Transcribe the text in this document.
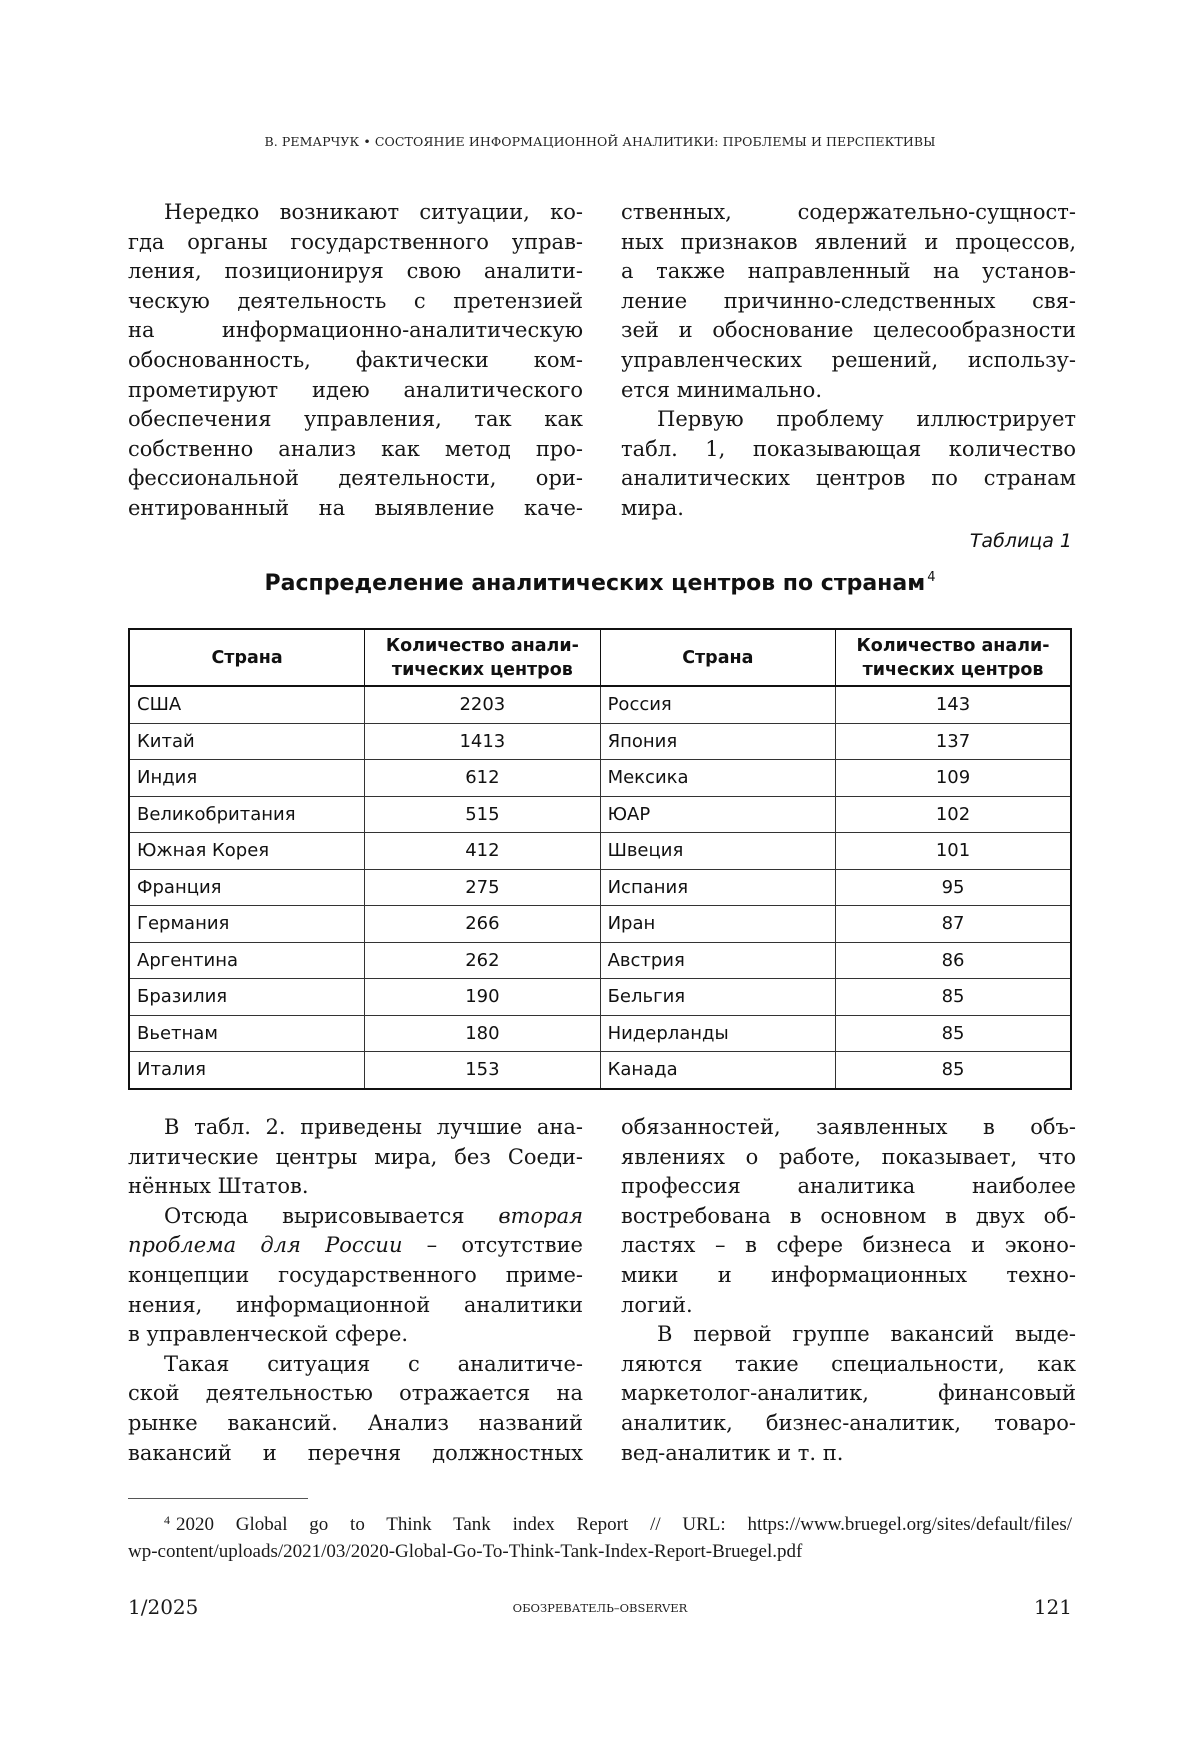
В. РЕМАРЧУК • СОСТОЯНИЕ ИНФОРМАЦИОННОЙ АНАЛИТИКИ: ПРОБЛЕМЫ И ПЕРСПЕКТИВЫ
Нередко возникают ситуации, ко-
гда органы государственного управ-
ления, позиционируя свою аналити-
ческую деятельность с претензией
на информационно-аналитическую
обоснованность, фактически ком-
прометируют идею аналитического
обеспечения управления, так как
собственно анализ как метод про-
фессиональной деятельности, ори-
ентированный на выявление каче-
ственных, содержательно-сущност-
ных признаков явлений и процессов,
а также направленный на установ-
ление причинно-следственных свя-
зей и обоснование целесообразности
управленческих решений, использу-
ется минимально.
Первую проблему иллюстрирует
табл. 1, показывающая количество
аналитических центров по странам
мира.
Таблица 1
Распределение аналитических центров по странам $^4$
Страна	Количество анали-тических центров	Страна	Количество анали-тических центров
США	2203	Россия	143
Китай	1413	Япония	137
Индия	612	Мексика	109
Великобритания	515	ЮАР	102
Южная Корея	412	Швеция	101
Франция	275	Испания	95
Германия	266	Иран	87
Аргентина	262	Австрия	86
Бразилия	190	Бельгия	85
Вьетнам	180	Нидерланды	85
Италия	153	Канада	85
В табл. 2. приведены лучшие ана-
литические центры мира, без Соеди-
нённых Штатов.
Отсюда вырисовывается вторая
проблема для России – отсутствие
концепции государственного приме-
нения, информационной аналитики
в управленческой сфере.
Такая ситуация с аналитиче-
ской деятельностью отражается на
рынке вакансий. Анализ названий
вакансий и перечня должностных
обязанностей, заявленных в объ-
явлениях о работе, показывает, что
профессия аналитика наиболее
востребована в основном в двух об-
ластях – в сфере бизнеса и эконо-
мики и информационных техно-
логий.
В первой группе вакансий выде-
ляются такие специальности, как
маркетолог-аналитик, финансовый
аналитик, бизнес-аналитик, товаро-
вед-аналитик и т. п.
$^4$ 2020 Global go to Think Tank index Report // URL: https://www.bruegel.org/sites/default/files/
wp-content/uploads/2021/03/2020-Global-Go-To-Think-Tank-Index-Report-Bruegel.pdf
1/2025	ОБОЗРЕВАТЕЛЬ–OBSERVER	121
